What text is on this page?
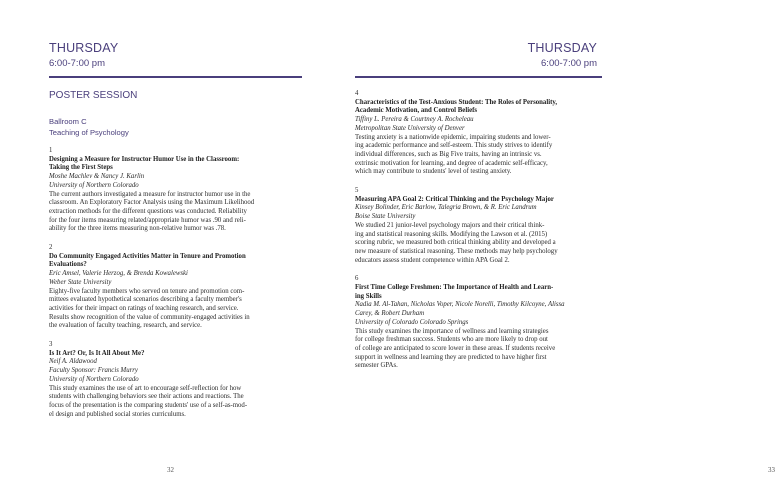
THURSDAY
6:00-7:00 pm
POSTER SESSION
Ballroom C
Teaching of Psychology
1
Designing a Measure for Instructor Humor Use in the Classroom:
Taking the First Steps
Moshe Machlev & Nancy J. Karlin
University of Northern Colorado
The current authors investigated a measure for instructor humor use in the
classroom. An Exploratory Factor Analysis using the Maximum Likelihood
extraction methods for the different questions was conducted. Reliability
for the four items measuring related/appropriate humor was .90 and reli-
ability for the three items measuring non-relative humor was .78.
2
Do Community Engaged Activities Matter in Tenure and Promotion
Evaluations?
Eric Amsel, Valerie Herzog, & Brenda Kowalewski
Weber State University
Eighty-five faculty members who served on tenure and promotion com-
mittees evaluated hypothetical scenarios describing a faculty member's
activities for their impact on ratings of teaching research, and service.
Results show recognition of the value of community-engaged activities in
the evaluation of faculty teaching, research, and service.
3
Is It Art? Or, Is It All About Me?
Neif A. Aldawood
Faculty Sponsor: Francis Murry
University of Northern Colorado
This study examines the use of art to encourage self-reflection for how
students with challenging behaviors see their actions and reactions. The
focus of the presentation is the comparing students' use of a self-as-mod-
el design and published social stories curriculums.
32
THURSDAY
6:00-7:00 pm
33
4
Characteristics of the Test-Anxious Student: The Roles of Personality,
Academic Motivation, and Control Beliefs
Tiffiny L. Pereira & Courtney A. Rocheleau
Metropolitan State University of Denver
Testing anxiety is a nationwide epidemic, impairing students and lower-
ing academic performance and self-esteem. This study strives to identify
individual differences, such as Big Five traits, having an intrinsic vs.
extrinsic motivation for learning, and degree of academic self-efficacy,
which may contribute to students' level of testing anxiety.
5
Measuring APA Goal 2: Critical Thinking and the Psychology Major
Kinsey Bolinder, Eric Barlow, Talegria Brown, & R. Eric Landrum
Boise State University
We studied 21 junior-level psychology majors and their critical think-
ing and statistical reasoning skills. Modifying the Lawson et al. (2015)
scoring rubric, we measured both critical thinking ability and developed a
new measure of statistical reasoning. These methods may help psychology
educators assess student competence within APA Goal 2.
6
First Time College Freshmen: The Importance of Health and Learn-
ing Skills
Nadia M. Al-Tahan, Nicholas Voper, Nicole Norelli, Timothy Kilcoyne, Alissa
Carey, & Robert Durham
University of Colorado Colorado Springs
This study examines the importance of wellness and learning strategies
for college freshman success. Students who are more likely to drop out
of college are anticipated to score lower in these areas. If students receive
support in wellness and learning they are predicted to have higher first
semester GPAs.
